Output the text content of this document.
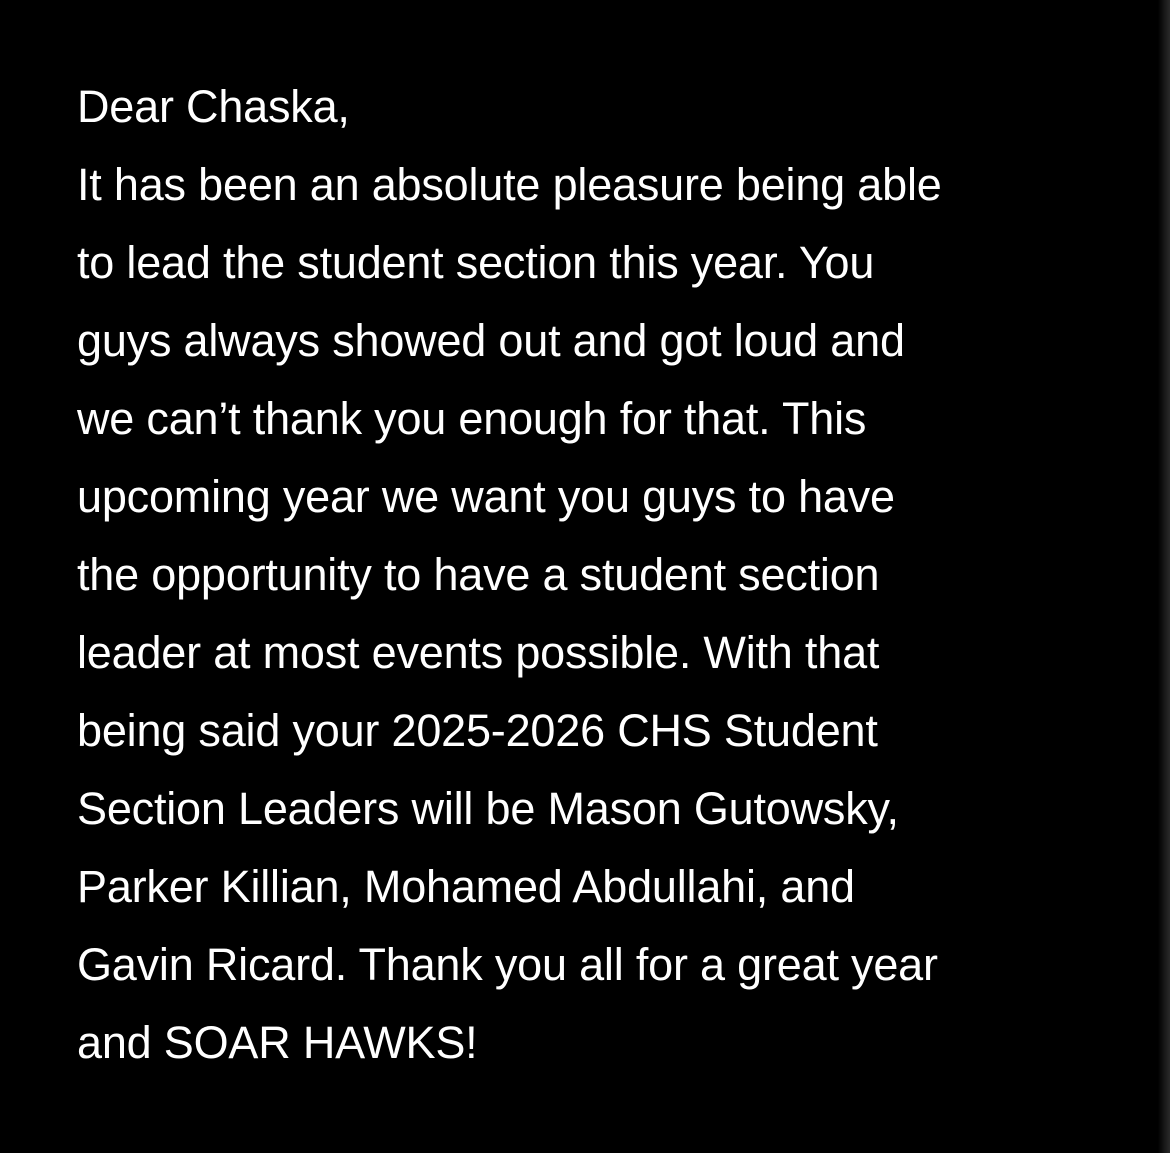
Dear Chaska,
It has been an absolute pleasure being able
to lead the student section this year. You
guys always showed out and got loud and
we can’t thank you enough for that. This
upcoming year we want you guys to have
the opportunity to have a student section
leader at most events possible. With that
being said your 2025-2026 CHS Student
Section Leaders will be Mason Gutowsky,
Parker Killian, Mohamed Abdullahi, and
Gavin Ricard. Thank you all for a great year
and SOAR HAWKS!
